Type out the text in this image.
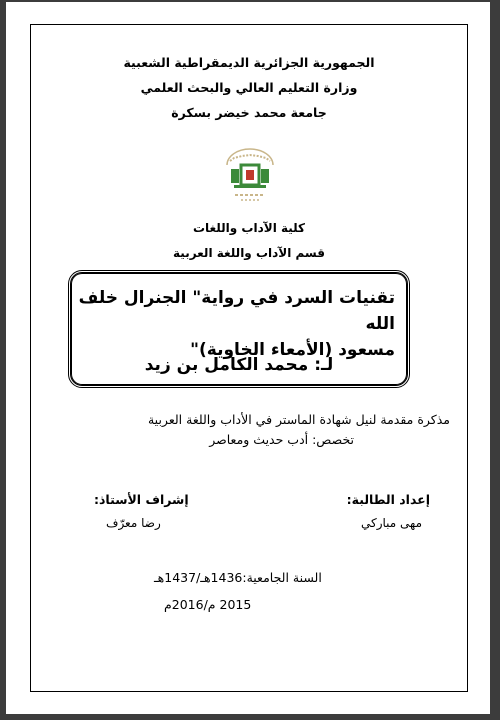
الجمهورية الجزائرية الديمقراطية الشعبية
وزارة التعليم العالي والبحث العلمي
جامعة محمد خيضر بسكرة
كلية الآداب واللغات
قسم الآداب واللغة العربية
تقنيات السرد في رواية" الجنرال خلف الله
مسعود (الأمعاء الخاوية)"
لـ: محمد الكامل بن زيد
مذكرة مقدمة لنيل شهادة الماستر في الأداب واللغة العربية
تخصص: أدب حديث ومعاصر
إعداد الطالبة:
مهى مباركي
إشراف الأستاذ:
رضا معرّف
السنة الجامعية:1436هـ/1437هـ
2015 م/2016م
